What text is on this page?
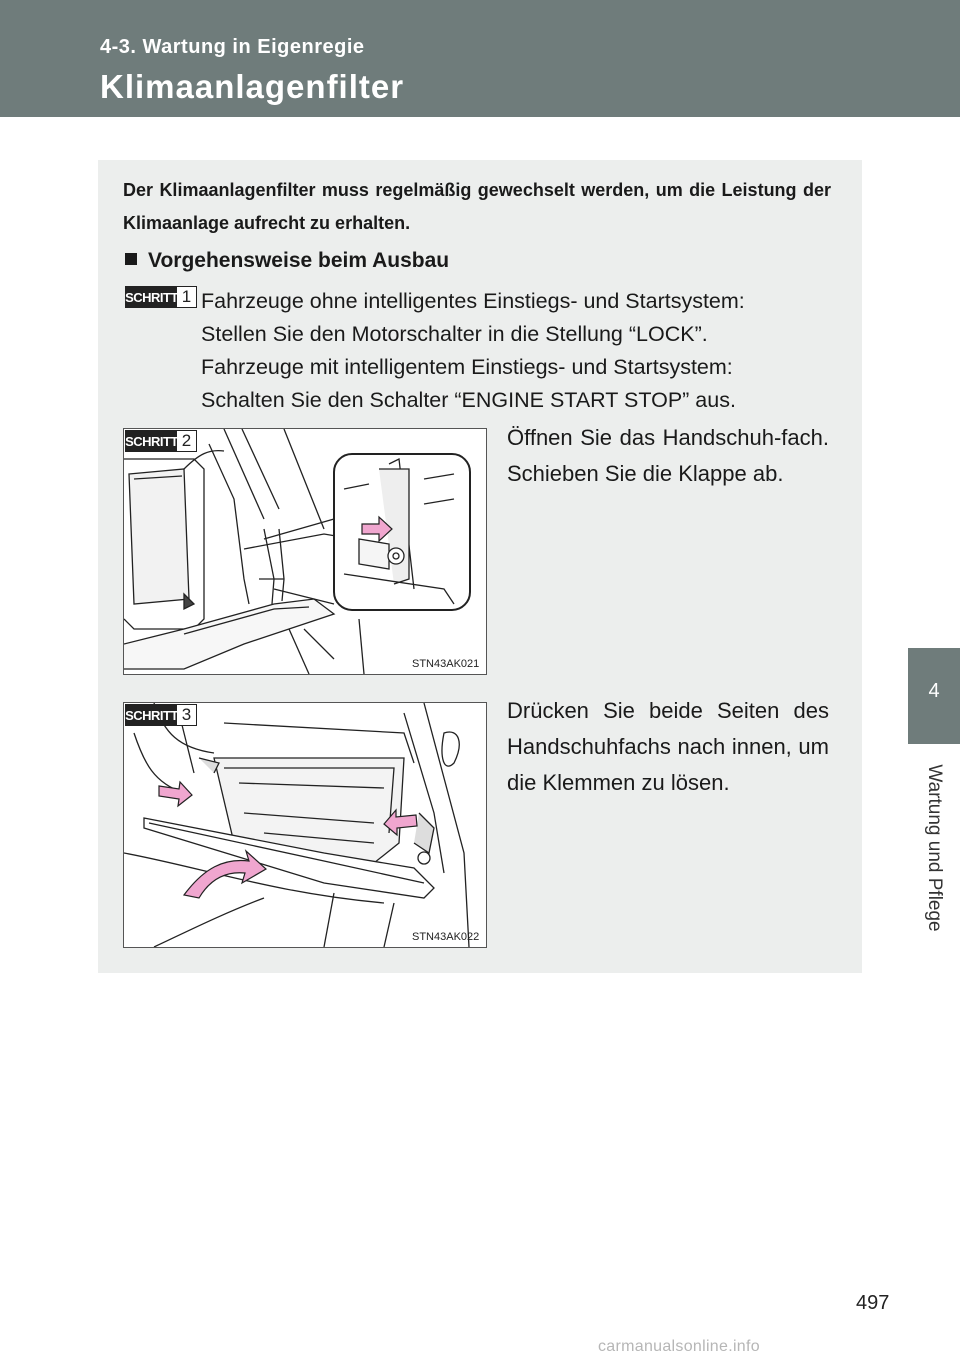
4-3. Wartung in Eigenregie
Klimaanlagenfilter
4
Wartung und Pflege
Der Klimaanlagenfilter muss regelmäßig gewechselt werden, um die Leistung der Klimaanlage aufrecht zu erhalten.
Vorgehensweise beim Ausbau
SCHRITT 1 Fahrzeuge ohne intelligentes Einstiegs- und Startsystem:
Stellen Sie den Motorschalter in die Stellung “LOCK”.
Fahrzeuge mit intelligentem Einstiegs- und Startsystem:
Schalten Sie den Schalter “ENGINE START STOP” aus.
STN43AK021
SCHRITT 2	Öffnen Sie das Handschuh-fach. Schieben Sie die Klappe ab.
STN43AK022
SCHRITT 3	Drücken Sie beide Seiten des Handschuhfachs nach innen, um die Klemmen zu lösen.
497
carmanualsonline.info
